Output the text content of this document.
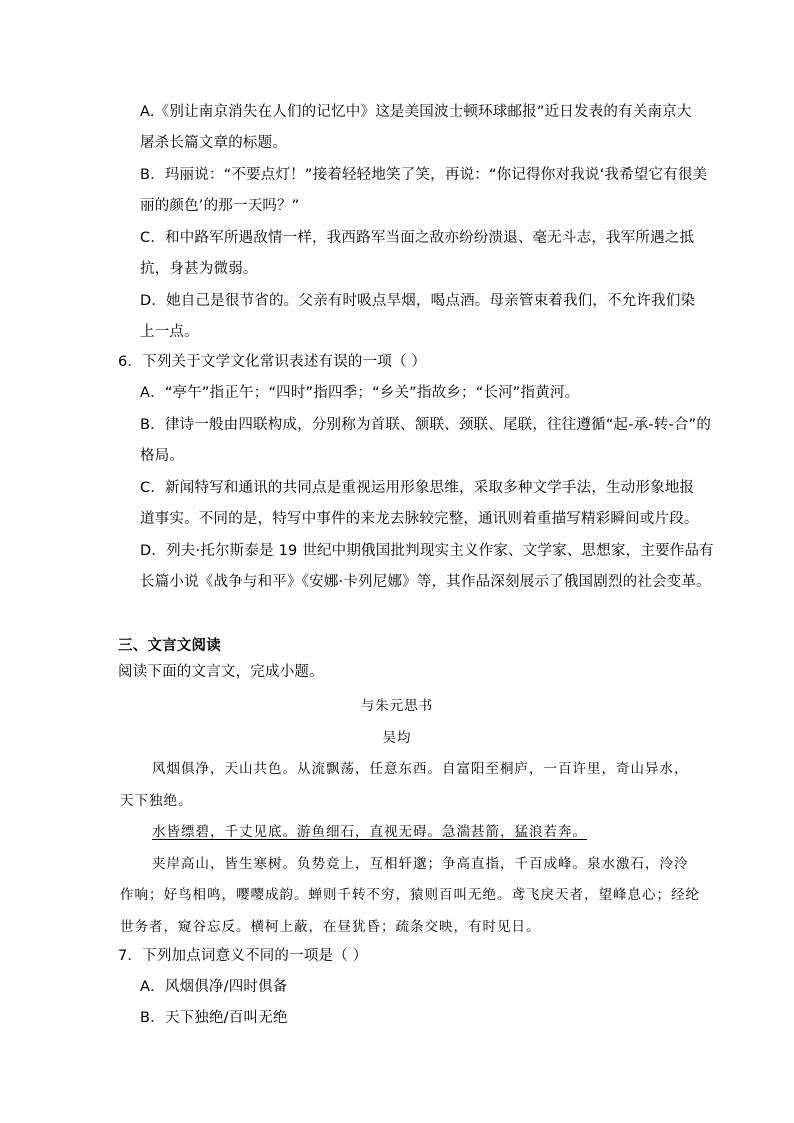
A.《别让南京消失在人们的记忆中》这是美国波士顿环球邮报”近日发表的有关南京大
屠杀长篇文章的标题。
B．玛丽说：“不要点灯！”接着轻轻地笑了笑，再说：“你记得你对我说‘我希望它有很美
丽的颜色’的那一天吗？”
C．和中路军所遇敌情一样，我西路军当面之敌亦纷纷溃退、毫无斗志，我军所遇之抵
抗，身甚为微弱。
D．她自己是很节省的。父亲有时吸点旱烟，喝点酒。母亲管束着我们，不允许我们染
上一点。
6．下列关于文学文化常识表述有误的一项（ ）
A．“亭午”指正午；“四时”指四季；“乡关”指故乡；“长河”指黄河。
B．律诗一般由四联构成，分别称为首联、颔联、颈联、尾联，往往遵循“起-承-转-合”的
格局。
C．新闻特写和通讯的共同点是重视运用形象思维，采取多种文学手法，生动形象地报
道事实。不同的是，特写中事件的来龙去脉较完整，通讯则着重描写精彩瞬间或片段。
D．列夫·托尔斯泰是 19 世纪中期俄国批判现实主义作家、文学家、思想家，主要作品有
长篇小说《战争与和平》《安娜·卡列尼娜》等，其作品深刻展示了俄国剧烈的社会变革。
三、文言文阅读
阅读下面的文言文，完成小题。
与朱元思书
吴均
风烟俱净，天山共色。从流飘荡，任意东西。自富阳至桐庐，一百许里，奇山异水，
天下独绝。
水皆缥碧，千丈见底。游鱼细石，直视无碍。急湍甚箭，猛浪若奔。
夹岸高山，皆生寒树。负势竞上，互相轩邈；争高直指，千百成峰。泉水激石，泠泠
作响；好鸟相鸣，嘤嘤成韵。蝉则千转不穷，猿则百叫无绝。鸢飞戾天者，望峰息心；经纶
世务者，窥谷忘反。横柯上蔽，在昼犹昏；疏条交映，有时见日。
7．下列加点词意义不同的一项是（ ）
A．风烟俱净/四时俱备
B．天下独绝/百叫无绝
